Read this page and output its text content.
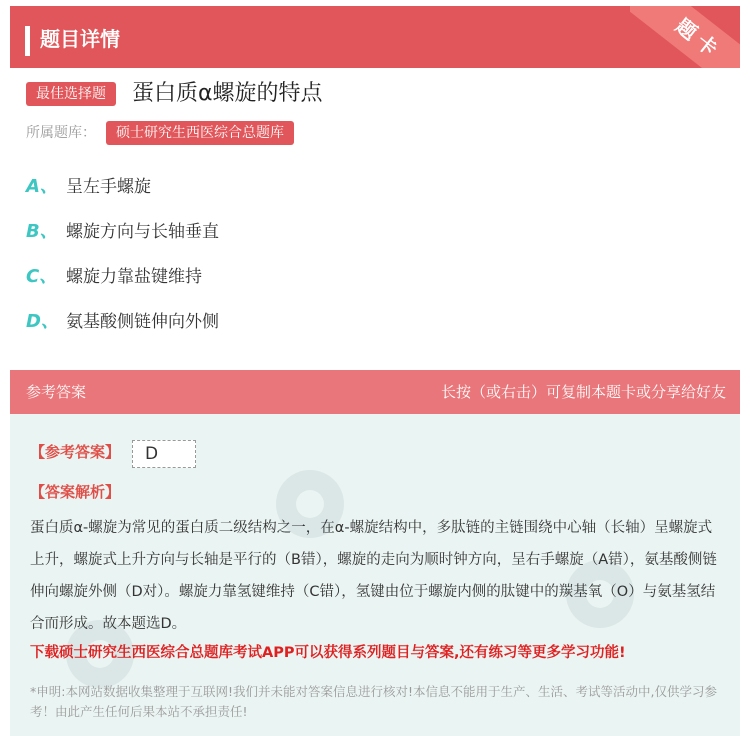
题目详情	题卡
最佳选择题	蛋白质α螺旋的特点
所属题库：	硕士研究生西医综合总题库
A、 呈左手螺旋
B、 螺旋方向与长轴垂直
C、 螺旋力靠盐键维持
D、 氨基酸侧链伸向外侧
参考答案	长按（或右击）可复制本题卡或分享给好友
【参考答案】	D
【答案解析】
蛋白质α-螺旋为常见的蛋白质二级结构之一，在α-螺旋结构中，多肽链的主链围绕中心轴（长轴）呈螺旋式上升，螺旋式上升方向与长轴是平行的（B错），螺旋的走向为顺时钟方向，呈右手螺旋（A错），氨基酸侧链伸向螺旋外侧（D对）。螺旋力靠氢键维持（C错），氢键由位于螺旋内侧的肽键中的羰基氧（O）与氨基氢结合而形成。故本题选D。
下载硕士研究生西医综合总题库考试APP可以获得系列题目与答案,还有练习等更多学习功能!
*申明:本网站数据收集整理于互联网!我们并未能对答案信息进行核对!本信息不能用于生产、生活、考试等活动中,仅供学习参考！由此产生任何后果本站不承担责任!
